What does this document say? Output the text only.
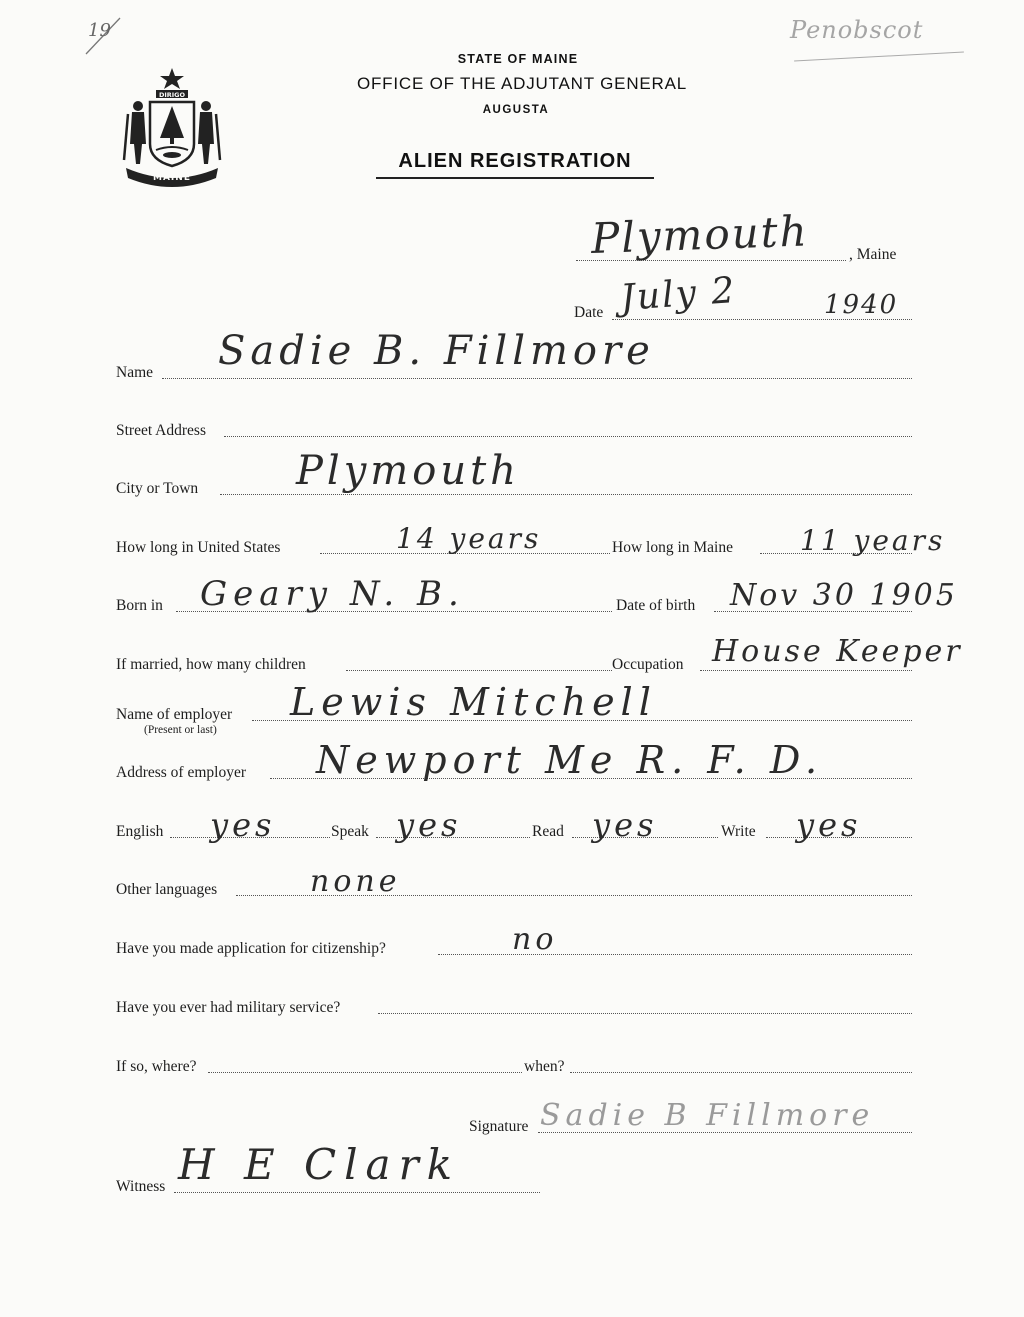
19	Penobscot
DIRIGO
MAINE
STATE OF MAINE
OFFICE OF THE ADJUTANT GENERAL
AUGUSTA
ALIEN REGISTRATION
Plymouth	, Maine
Date July 2	1940
Name Sadie B. Fillmore
Street Address
City or Town Plymouth
How long in United States	14 years	How long in Maine 11 years
Born in Geary N. B.	Date of birth Nov 30 1905
If married, how many children	Occupation House Keeper
Name of employer
(Present or last)
Lewis Mitchell
Address of employer Newport Me R. F. D.
English yes	Speak yes	Read yes	Write yes
Other languages	none
Have you made application for citizenship?	no
Have you ever had military service?
If so, where?	when?
Signature Sadie B Fillmore
Witness H E Clark
